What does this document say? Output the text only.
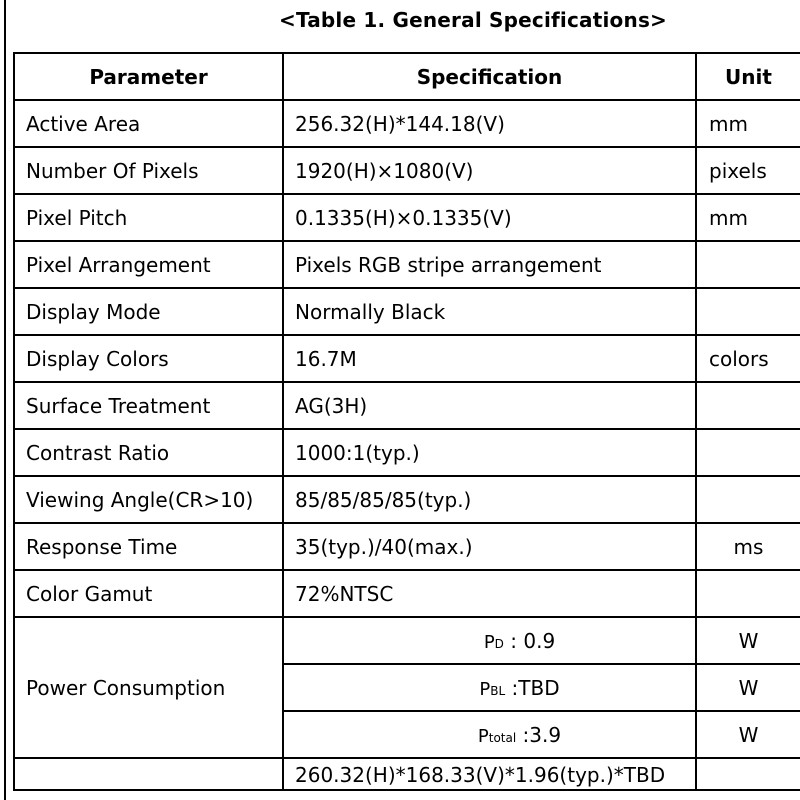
<Table 1. General Specifications>
Parameter	Specification	Unit
Active Area	256.32(H)*144.18(V)	mm
Number Of Pixels	1920(H)×1080(V)	pixels
Pixel Pitch	0.1335(H)×0.1335(V)	mm
Pixel Arrangement	Pixels RGB stripe arrangement	
Display Mode	Normally Black	
Display Colors	16.7M	colors
Surface Treatment	AG(3H)	
Contrast Ratio	1000:1(typ.)	
Viewing Angle(CR>10)	85/85/85/85(typ.)	
Response Time	35(typ.)/40(max.)	ms
Color Gamut	72%NTSC	
Power Consumption	PD : 0.9	W
	PBL :TBD	W
	Ptotal :3.9	W

	260.32(H)*168.33(V)*1.96(typ.)*TBD	
